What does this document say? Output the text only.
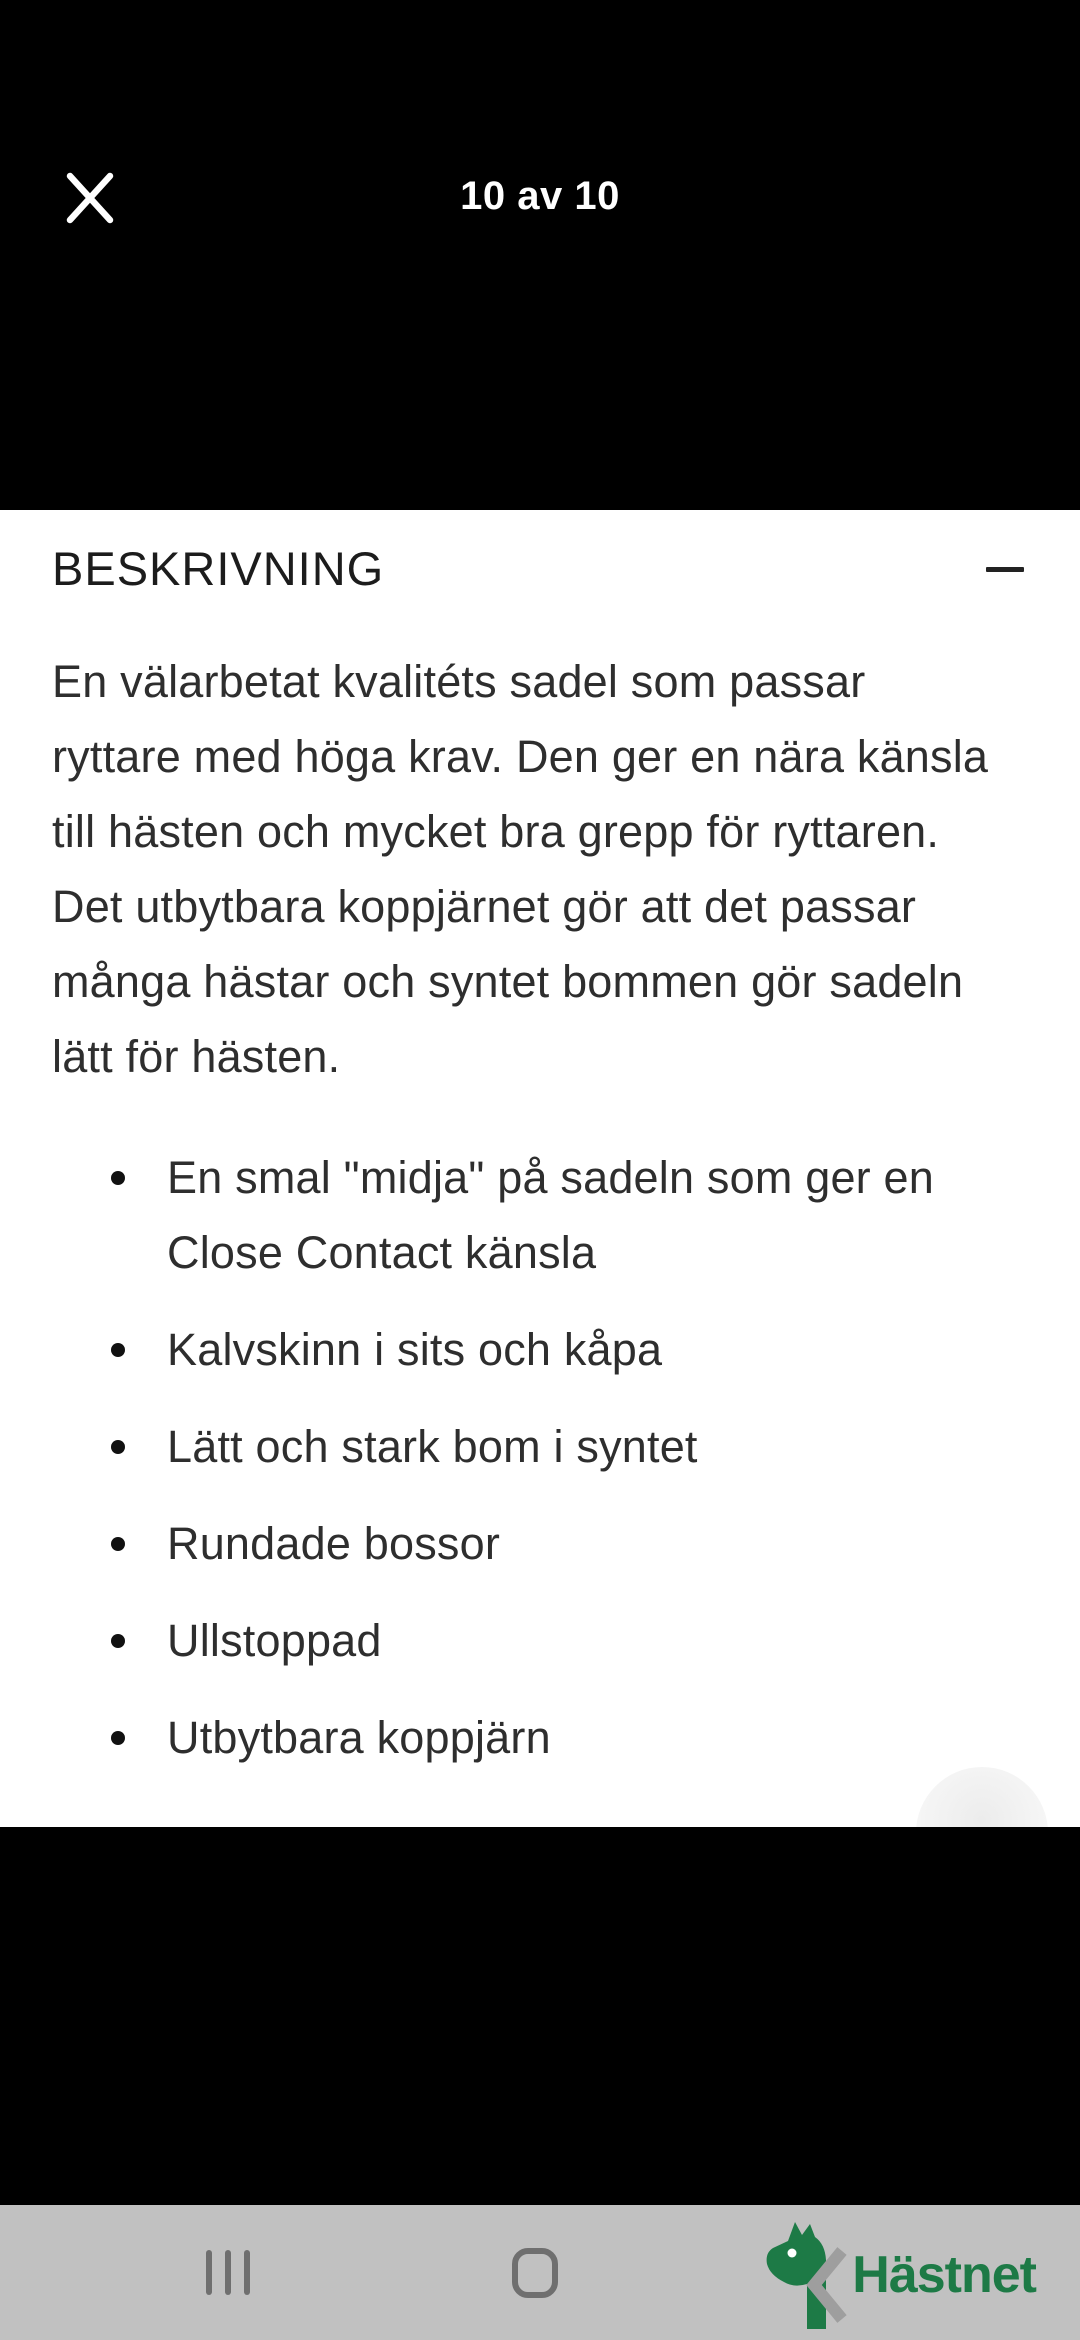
10 av 10
BESKRIVNING

En välarbetat kvalitéts sadel som passar ryttare med höga krav. Den ger en nära känsla till hästen och mycket bra grepp för ryttaren. Det utbytbara koppjärnet gör att det passar många hästar och syntet bommen gör sadeln lätt för hästen.

En smal "midja" på sadeln som ger en Close Contact känsla
Kalvskinn i sits och kåpa
Lätt och stark bom i syntet
Rundade bossor
Ullstoppad
Utbytbara koppjärn
Hästnet
